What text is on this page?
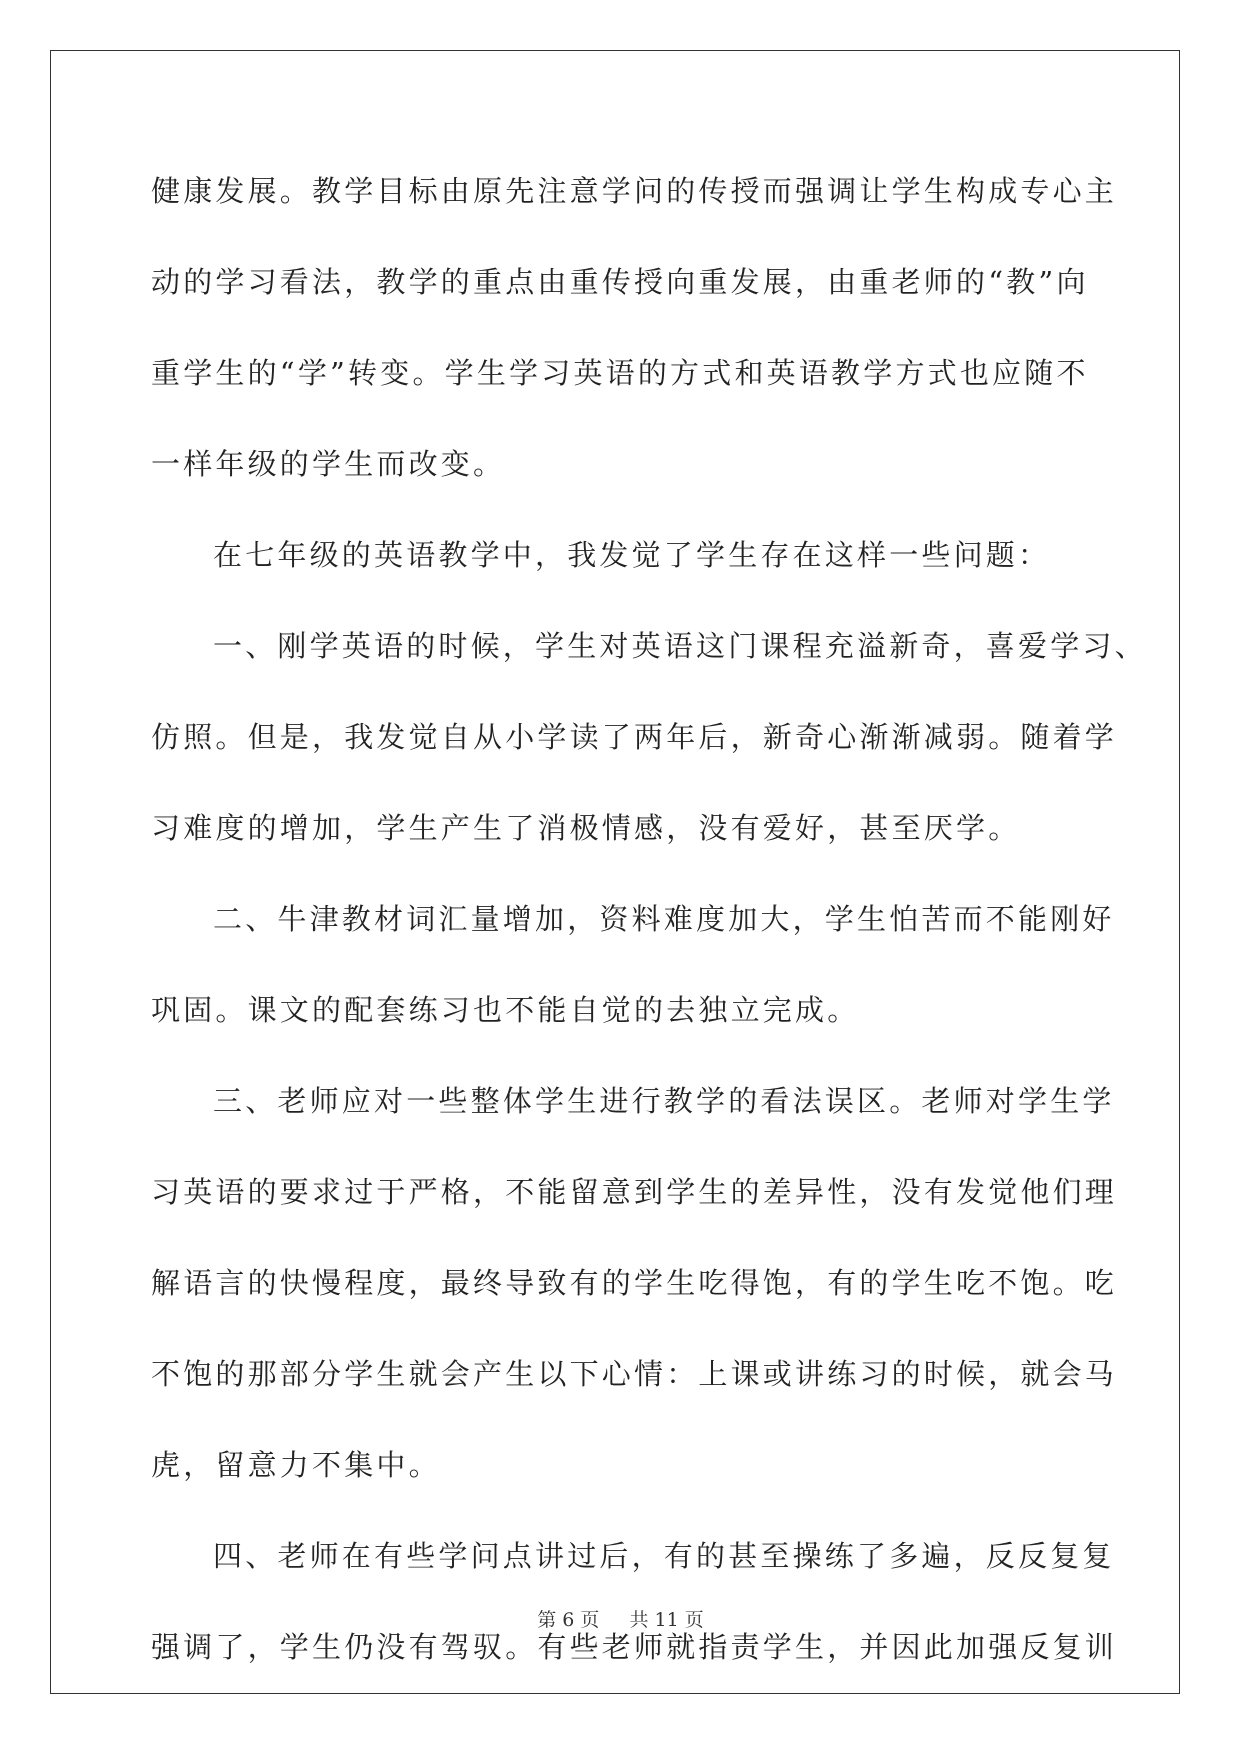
健康发展。教学目标由原先注意学问的传授而强调让学生构成专心主
动的学习看法，教学的重点由重传授向重发展，由重老师的“教”向
重学生的“学”转变。学生学习英语的方式和英语教学方式也应随不
一样年级的学生而改变。
在七年级的英语教学中，我发觉了学生存在这样一些问题：
一、刚学英语的时候，学生对英语这门课程充溢新奇，喜爱学习、
仿照。但是，我发觉自从小学读了两年后，新奇心渐渐减弱。随着学
习难度的增加，学生产生了消极情感，没有爱好，甚至厌学。
二、牛津教材词汇量增加，资料难度加大，学生怕苦而不能刚好
巩固。课文的配套练习也不能自觉的去独立完成。
三、老师应对一些整体学生进行教学的看法误区。老师对学生学
习英语的要求过于严格，不能留意到学生的差异性，没有发觉他们理
解语言的快慢程度，最终导致有的学生吃得饱，有的学生吃不饱。吃
不饱的那部分学生就会产生以下心情：上课或讲练习的时候，就会马
虎，留意力不集中。
四、老师在有些学问点讲过后，有的甚至操练了多遍，反反复复
强调了，学生仍没有驾驭。有些老师就指责学生，并因此加强反复训
第 6 页 共 11 页
